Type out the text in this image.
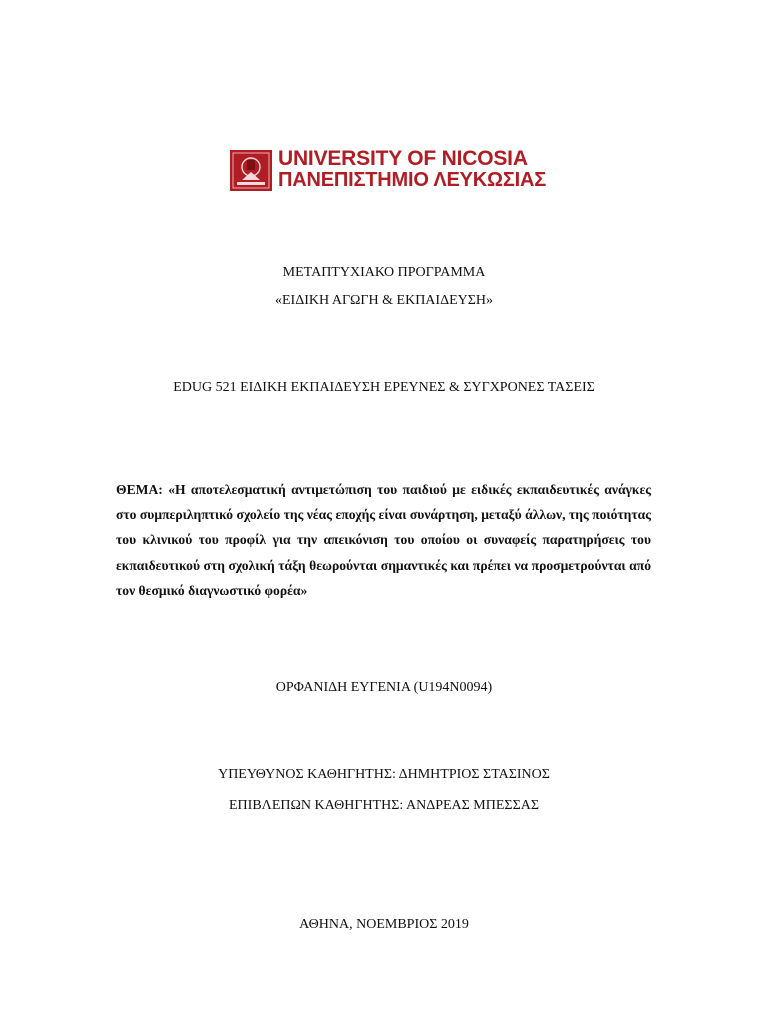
UNIVERSITY OF NICOSIA
ΠΑΝΕΠΙΣΤΗΜΙΟ ΛΕΥΚΩΣΙΑΣ
ΜΕΤΑΠΤΥΧΙΑΚΟ ΠΡΟΓΡΑΜΜΑ
«ΕΙΔΙΚΗ ΑΓΩΓΗ & ΕΚΠΑΙΔΕΥΣΗ»
EDUG 521 ΕΙΔΙΚΗ ΕΚΠΑΙΔΕΥΣΗ ΕΡΕΥΝΕΣ & ΣΥΓΧΡΟΝΕΣ ΤΑΣΕΙΣ
ΘΕΜΑ: «Η αποτελεσματική αντιμετώπιση του παιδιού με ειδικές εκπαιδευτικές ανάγκες στο συμπεριληπτικό σχολείο της νέας εποχής είναι συνάρτηση, μεταξύ άλλων, της ποιότητας του κλινικού του προφίλ για την απεικόνιση του οποίου οι συναφείς παρατηρήσεις του εκπαιδευτικού στη σχολική τάξη θεωρούνται σημαντικές και πρέπει να προσμετρούνται από τον θεσμικό διαγνωστικό φορέα»
ΟΡΦΑΝΙΔΗ ΕΥΓΕΝΙΑ (U194N0094)
ΥΠΕΥΘΥΝΟΣ ΚΑΘΗΓΗΤΗΣ: ΔΗΜΗΤΡΙΟΣ ΣΤΑΣΙΝΟΣ
ΕΠΙΒΛΕΠΩΝ ΚΑΘΗΓΗΤΗΣ: ΑΝΔΡΕΑΣ ΜΠΕΣΣΑΣ
ΑΘΗΝΑ, ΝΟΕΜΒΡΙΟΣ 2019
